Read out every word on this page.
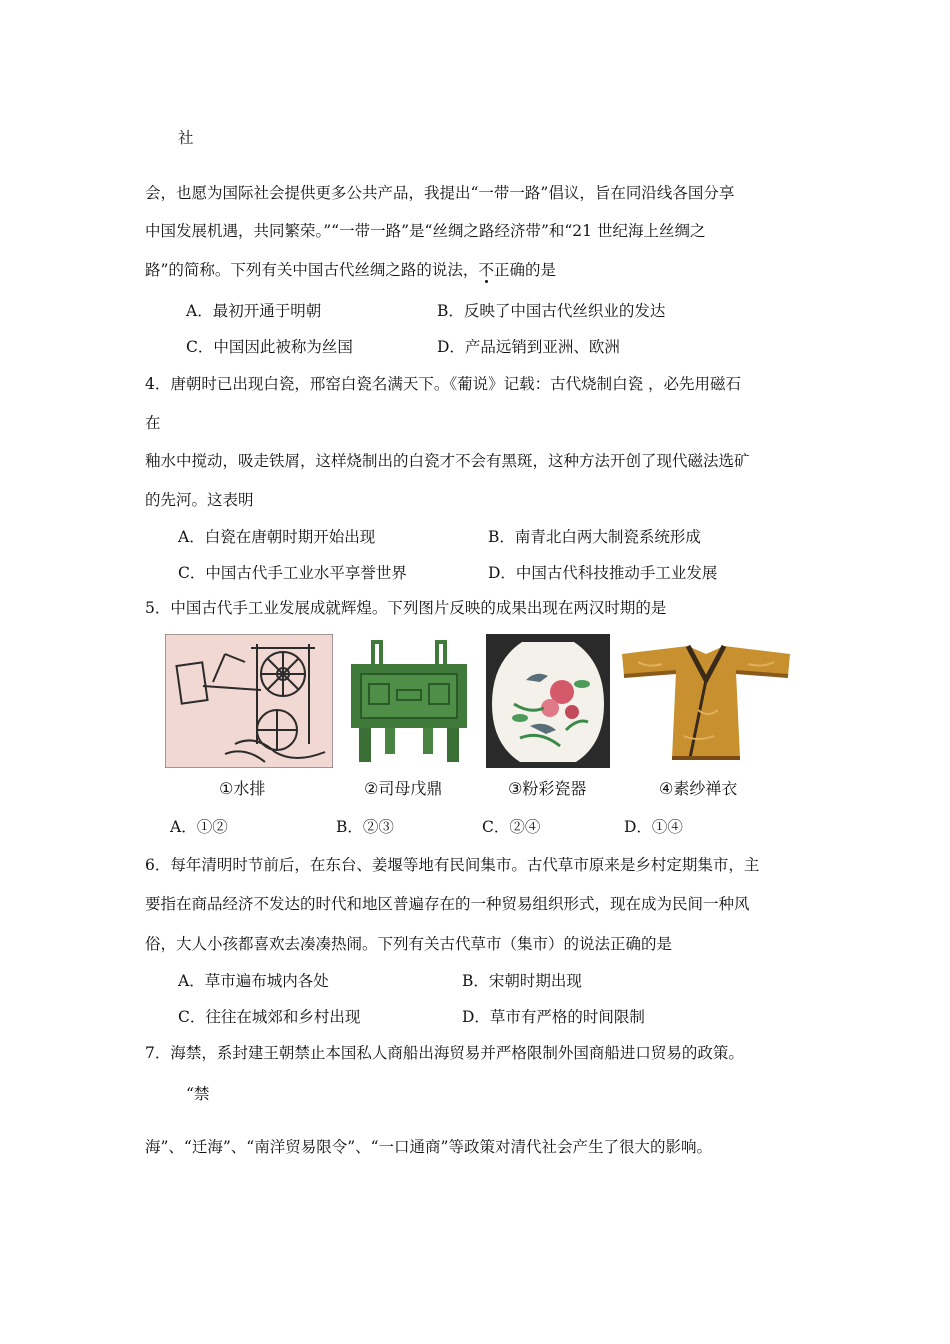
社
会，也愿为国际社会提供更多公共产品，我提出“一带一路”倡议，旨在同沿线各国分享
中国发展机遇，共同繁荣。”“一带一路”是“丝绸之路经济带”和“21 世纪海上丝绸之
路”的简称。下列有关中国古代丝绸之路的说法，不正确的是
A．最初开通于明朝	B．反映了中国古代丝织业的发达
C．中国因此被称为丝国	D．产品远销到亚洲、欧洲
4．唐朝时已出现白瓷，邢窑白瓷名满天下。《葡说》记载：古代烧制白瓷 ，必先用磁石
在
釉水中搅动，吸走铁屑，这样烧制出的白瓷才不会有黑斑，这种方法开创了现代磁法选矿
的先河。这表明
A．白瓷在唐朝时期开始出现	B．南青北白两大制瓷系统形成
C．中国古代手工业水平享誉世界	D．中国古代科技推动手工业发展
5．中国古代手工业发展成就辉煌。下列图片反映的成果出现在两汉时期的是
①水排	②司母戊鼎	③粉彩瓷器	④素纱禅衣
A．①②	B．②③	C．②④	D．①④
6．每年清明时节前后，在东台、姜堰等地有民间集市。古代草市原来是乡村定期集市，主
要指在商品经济不发达的时代和地区普遍存在的一种贸易组织形式，现在成为民间一种风
俗，大人小孩都喜欢去凑凑热闹。下列有关古代草市（集市）的说法正确的是
A．草市遍布城内各处	B．宋朝时期出现
C．往往在城郊和乡村出现	D．草市有严格的时间限制
7．海禁，系封建王朝禁止本国私人商船出海贸易并严格限制外国商船进口贸易的政策。
“禁
海”、“迁海”、“南洋贸易限令”、“一口通商”等政策对清代社会产生了很大的影响。
